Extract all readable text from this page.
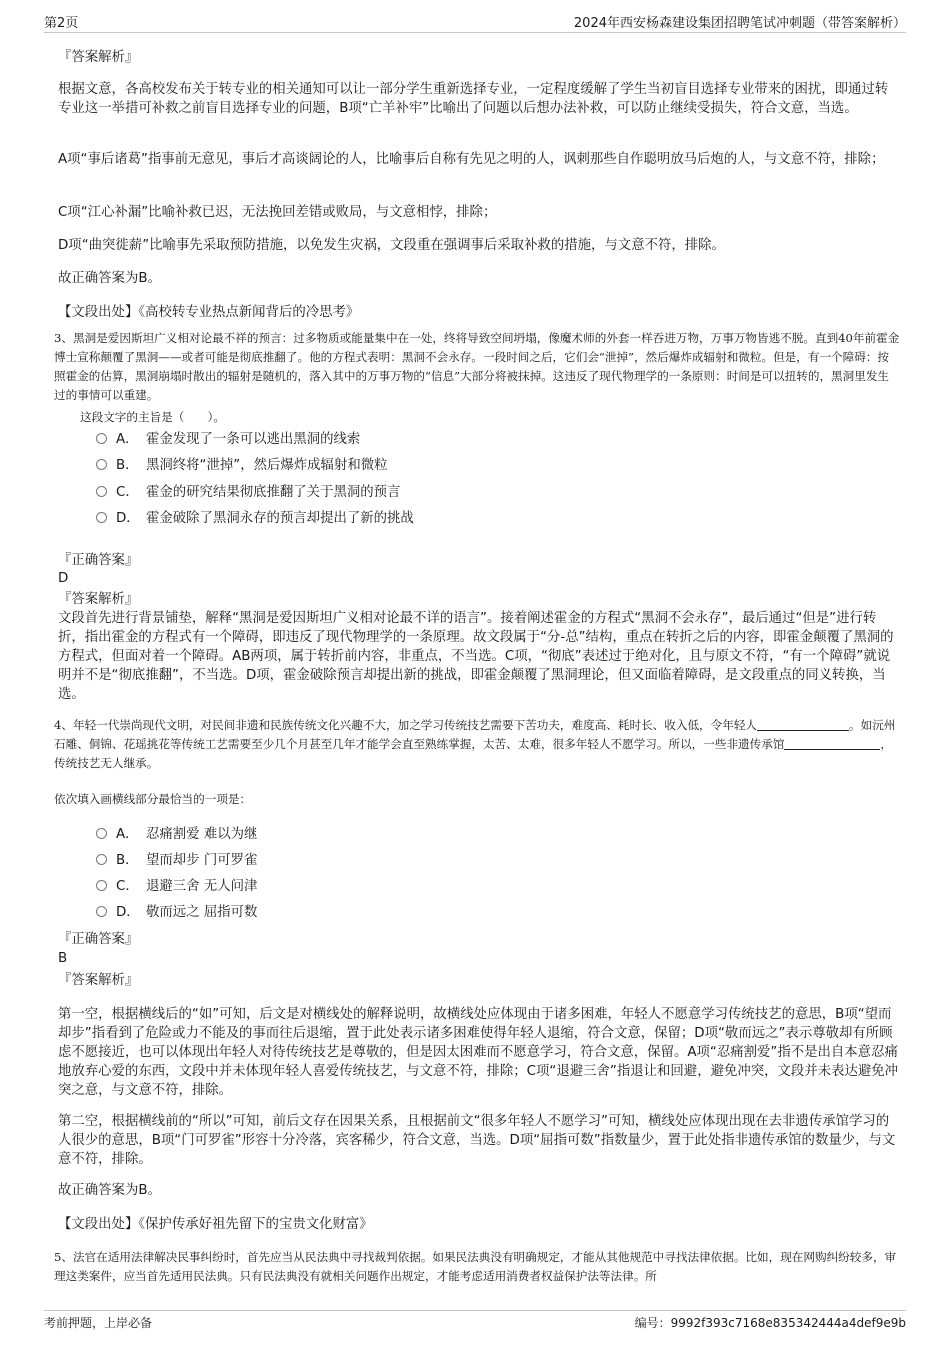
第2页	2024年西安杨森建设集团招聘笔试冲刺题（带答案解析）

『答案解析』

根据文意，各高校发布关于转专业的相关通知可以让一部分学生重新选择专业，一定程度缓解了学生当初盲目选择专业带来的困扰，即通过转专业这一举措可补救之前盲目选择专业的问题，B项“亡羊补牢”比喻出了问题以后想办法补救，可以防止继续受损失，符合文意，当选。

A项“事后诸葛”指事前无意见，事后才高谈阔论的人，比喻事后自称有先见之明的人，讽刺那些自作聪明放马后炮的人，与文意不符，排除；

C项“江心补漏”比喻补救已迟，无法挽回差错或败局，与文意相悖，排除；

D项“曲突徙薪”比喻事先采取预防措施，以免发生灾祸，文段重在强调事后采取补救的措施，与文意不符，排除。

故正确答案为B。

【文段出处】《高校转专业热点新闻背后的冷思考》

3、黑洞是爱因斯坦广义相对论最不祥的预言：过多物质或能量集中在一处，终将导致空间坍塌，像魔术师的外套一样吞进万物，万事万物皆逃不脱。直到40年前霍金博士宣称颠覆了黑洞——或者可能是彻底推翻了。他的方程式表明：黑洞不会永存。一段时间之后，它们会“泄掉”，然后爆炸成辐射和微粒。但是，有一个障碍：按照霍金的估算，黑洞崩塌时散出的辐射是随机的，落入其中的万事万物的“信息”大部分将被抹掉。这违反了现代物理学的一条原则：时间是可以扭转的，黑洞里发生过的事情可以重建。

这段文字的主旨是（　　）。

A． 霍金发现了一条可以逃出黑洞的线索
B． 黑洞终将“泄掉”，然后爆炸成辐射和微粒
C． 霍金的研究结果彻底推翻了关于黑洞的预言
D． 霍金破除了黑洞永存的预言却提出了新的挑战

『正确答案』

D

『答案解析』

文段首先进行背景铺垫，解释“黑洞是爱因斯坦广义相对论最不详的语言”。接着阐述霍金的方程式“黑洞不会永存”，最后通过“但是”进行转折，指出霍金的方程式有一个障碍，即违反了现代物理学的一条原理。故文段属于“分-总”结构，重点在转折之后的内容，即霍金颠覆了黑洞的方程式，但面对着一个障碍。AB两项，属于转折前内容，非重点，不当选。C项，“彻底”表述过于绝对化，且与原文不符，“有一个障碍”就说明并不是“彻底推翻”，不当选。D项，霍金破除预言却提出新的挑战，即霍金颠覆了黑洞理论，但又面临着障碍，是文段重点的同义转换，当选。

4、年轻一代崇尚现代文明，对民间非遗和民族传统文化兴趣不大，加之学习传统技艺需要下苦功夫，难度高、耗时长、收入低，令年轻人	。如沅州石雕、侗锦、花瑶挑花等传统工艺需要至少几个月甚至几年才能学会直至熟练掌握，太苦、太难，很多年轻人不愿学习。所以，一些非遗传承馆	，传统技艺无人继承。

依次填入画横线部分最恰当的一项是：

A． 忍痛割爱 难以为继
B． 望而却步 门可罗雀
C． 退避三舍 无人问津
D． 敬而远之 屈指可数

『正确答案』

B

『答案解析』

第一空，根据横线后的“如”可知，后文是对横线处的解释说明，故横线处应体现由于诸多困难，年轻人不愿意学习传统技艺的意思，B项“望而却步”指看到了危险或力不能及的事而往后退缩，置于此处表示诸多困难使得年轻人退缩，符合文意，保留；D项“敬而远之”表示尊敬却有所顾虑不愿接近，也可以体现出年轻人对待传统技艺是尊敬的，但是因太困难而不愿意学习，符合文意，保留。A项“忍痛割爱”指不是出自本意忍痛地放弃心爱的东西，文段中并未体现年轻人喜爱传统技艺，与文意不符，排除；C项“退避三舍”指退让和回避，避免冲突，文段并未表达避免冲突之意，与文意不符，排除。

第二空，根据横线前的“所以”可知，前后文存在因果关系，且根据前文“很多年轻人不愿学习”可知，横线处应体现出现在去非遗传承馆学习的人很少的意思，B项“门可罗雀”形容十分冷落，宾客稀少，符合文意，当选。D项“屈指可数”指数量少，置于此处指非遗传承馆的数量少，与文意不符，排除。

故正确答案为B。

【文段出处】《保护传承好祖先留下的宝贵文化财富》

5、法官在适用法律解决民事纠纷时，首先应当从民法典中寻找裁判依据。如果民法典没有明确规定，才能从其他规范中寻找法律依据。比如，现在网购纠纷较多，审理这类案件，应当首先适用民法典。只有民法典没有就相关问题作出规定，才能考虑适用消费者权益保护法等法律。所

考前押题，上岸必备	编号：9992f393c7168e835342444a4def9e9b
